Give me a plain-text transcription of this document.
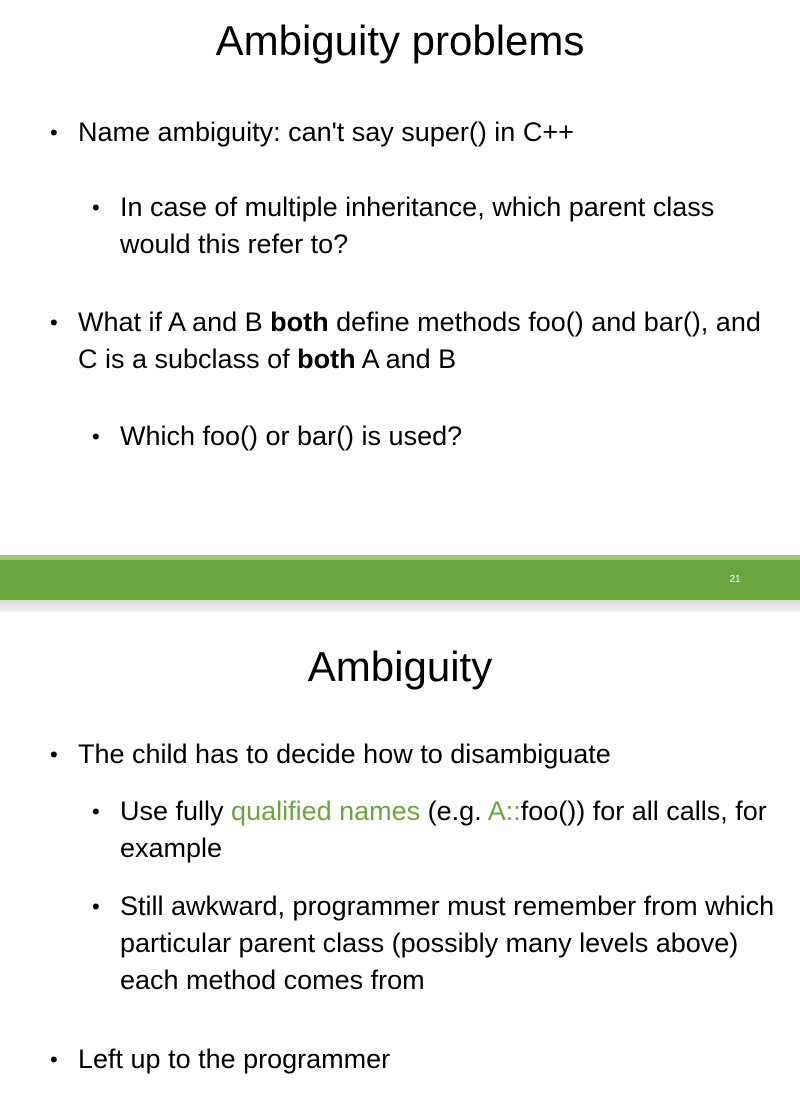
Ambiguity problems
• Name ambiguity: can't say super() in C++

• In case of multiple inheritance, which parent class would this refer to?

• What if A and B both define methods foo() and bar(), and C is a subclass of both A and B

• Which foo() or bar() is used?

21
Ambiguity
• The child has to decide how to disambiguate

• Use fully qualified names (e.g. A::foo()) for all calls, for example

• Still awkward, programmer must remember from which particular parent class (possibly many levels above) each method comes from

• Left up to the programmer
